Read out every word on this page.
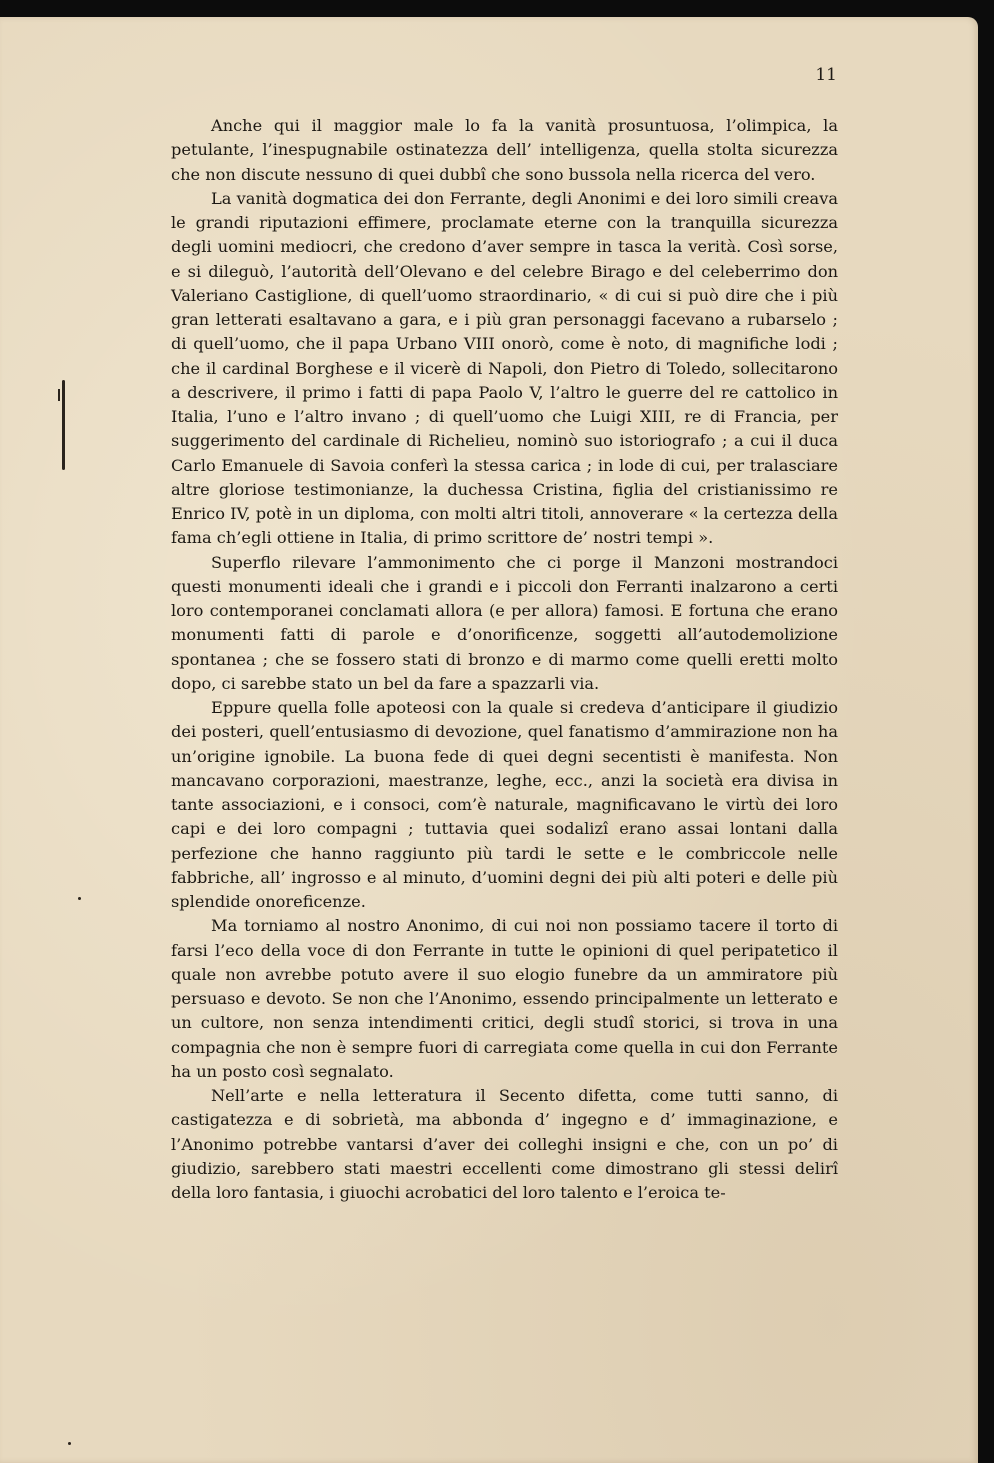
11

Anche qui il maggior male lo fa la vanità prosuntuosa, l’olimpica, la petulante, l’inespugnabile ostinatezza dell’ intelligenza, quella stolta sicurezza che non discute nessuno di quei dubbî che sono bussola nella ricerca del vero.

La vanità dogmatica dei don Ferrante, degli Anonimi e dei loro simili creava le grandi riputazioni effimere, proclamate eterne con la tranquilla sicurezza degli uomini mediocri, che credono d’aver sempre in tasca la verità. Così sorse, e si dileguò, l’autorità dell’Olevano e del celebre Birago e del celeberrimo don Valeriano Castiglione, di quell’uomo straordinario, « di cui si può dire che i più gran letterati esaltavano a gara, e i più gran personaggi facevano a rubarselo ; di quell’uomo, che il papa Urbano VIII onorò, come è noto, di magnifiche lodi ; che il cardinal Borghese e il vicerè di Napoli, don Pietro di Toledo, sollecitarono a descrivere, il primo i fatti di papa Paolo V, l’altro le guerre del re cattolico in Italia, l’uno e l’altro invano ; di quell’uomo che Luigi XIII, re di Francia, per suggerimento del cardinale di Richelieu, nominò suo istoriografo ; a cui il duca Carlo Emanuele di Savoia conferì la stessa carica ; in lode di cui, per tralasciare altre gloriose testimonianze, la duchessa Cristina, figlia del cristianissimo re Enrico IV, potè in un diploma, con molti altri titoli, annoverare « la certezza della fama ch’egli ottiene in Italia, di primo scrittore de’ nostri tempi ».

Superflo rilevare l’ammonimento che ci porge il Manzoni mostrandoci questi monumenti ideali che i grandi e i piccoli don Ferranti inalzarono a certi loro contemporanei conclamati allora (e per allora) famosi. E fortuna che erano monumenti fatti di parole e d’onorificenze, soggetti all’autodemolizione spontanea ; che se fossero stati di bronzo e di marmo come quelli eretti molto dopo, ci sarebbe stato un bel da fare a spazzarli via.

Eppure quella folle apoteosi con la quale si credeva d’anticipare il giudizio dei posteri, quell’entusiasmo di devozione, quel fanatismo d’ammirazione non ha un’origine ignobile. La buona fede di quei degni secentisti è manifesta. Non mancavano corporazioni, maestranze, leghe, ecc., anzi la società era divisa in tante associazioni, e i consoci, com’è naturale, magnificavano le virtù dei loro capi e dei loro compagni ; tuttavia quei sodalizî erano assai lontani dalla perfezione che hanno raggiunto più tardi le sette e le combriccole nelle fabbriche, all’ ingrosso e al minuto, d’uomini degni dei più alti poteri e delle più splendide onoreficenze.

Ma torniamo al nostro Anonimo, di cui noi non possiamo tacere il torto di farsi l’eco della voce di don Ferrante in tutte le opinioni di quel peripatetico il quale non avrebbe potuto avere il suo elogio funebre da un ammiratore più persuaso e devoto. Se non che l’Anonimo, essendo principalmente un letterato e un cultore, non senza intendimenti critici, degli studî storici, si trova in una compagnia che non è sempre fuori di carregiata come quella in cui don Ferrante ha un posto così segnalato.

Nell’arte e nella letteratura il Secento difetta, come tutti sanno, di castigatezza e di sobrietà, ma abbonda d’ ingegno e d’ immaginazione, e l’Anonimo potrebbe vantarsi d’aver dei colleghi insigni e che, con un po’ di giudizio, sarebbero stati maestri eccellenti come dimostrano gli stessi delirî della loro fantasia, i giuochi acrobatici del loro talento e l’eroica te-
